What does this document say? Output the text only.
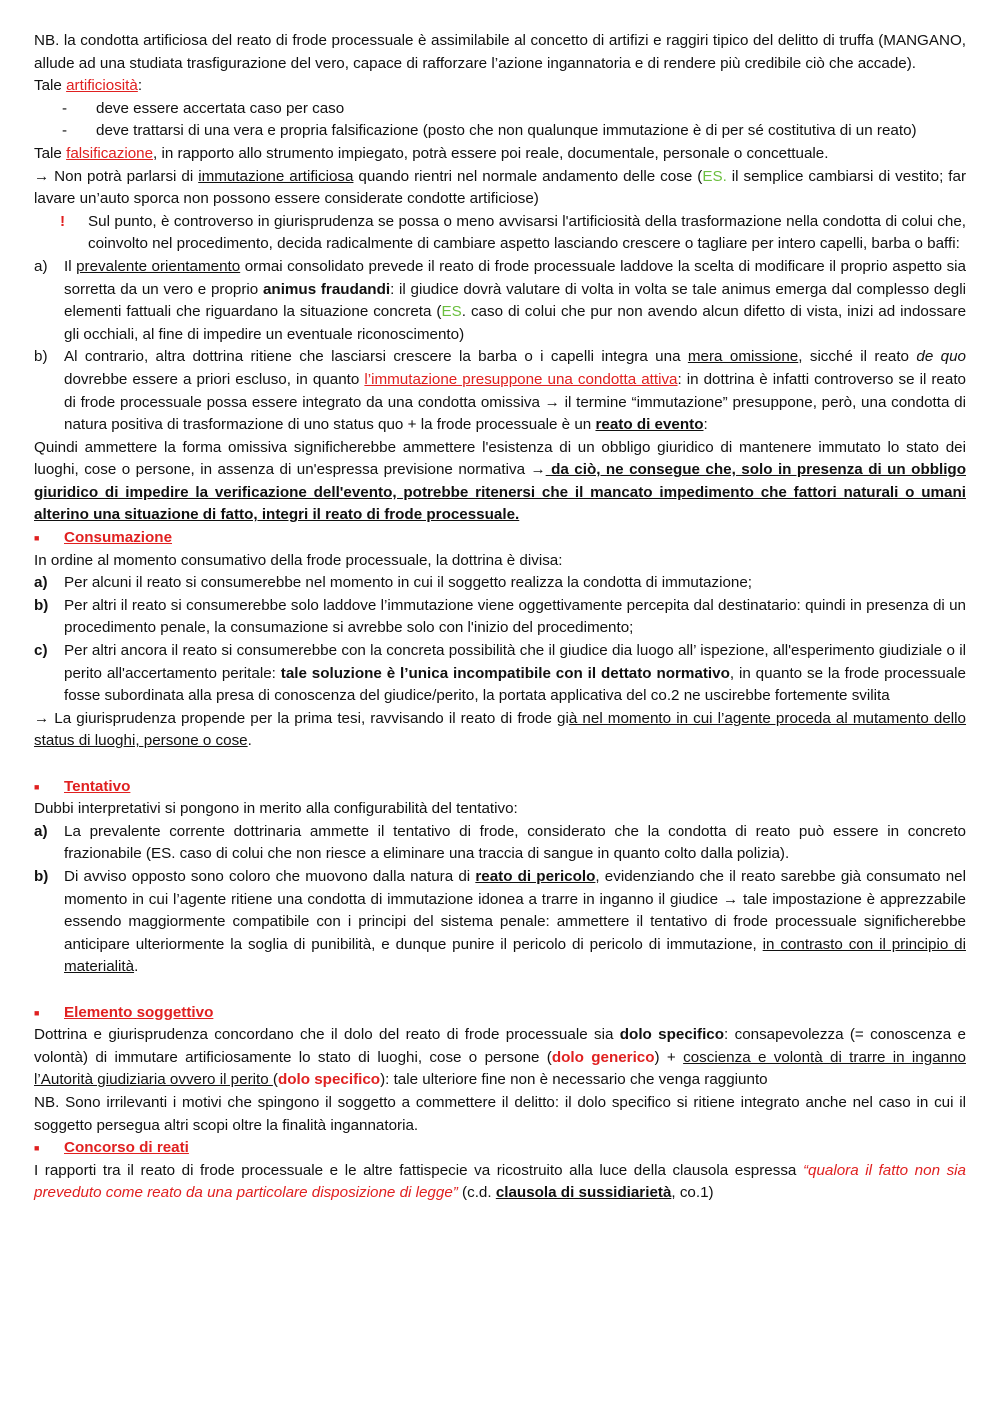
NB. la condotta artificiosa del reato di frode processuale è assimilabile al concetto di artifizi e raggiri tipico del delitto di truffa (MANGANO, allude ad una studiata trasfigurazione del vero, capace di rafforzare l’azione ingannatoria e di rendere più credibile ciò che accade).

Tale artificiosità:

-	deve essere accertata caso per caso
-	deve trattarsi di una vera e propria falsificazione (posto che non qualunque immutazione è di per sé costitutiva di un reato)

Tale falsificazione, in rapporto allo strumento impiegato, potrà essere poi reale, documentale, personale o concettuale.

→ Non potrà parlarsi di immutazione artificiosa quando rientri nel normale andamento delle cose (ES. il semplice cambiarsi di vestito; far lavare un’auto sporca non possono essere considerate condotte artificiose)

!	Sul punto, è controverso in giurisprudenza se possa o meno avvisarsi l'artificiosità della trasformazione nella condotta di colui che, coinvolto nel procedimento, decida radicalmente di cambiare aspetto lasciando crescere o tagliare per intero capelli, barba o baffi:
a)	Il prevalente orientamento ormai consolidato prevede il reato di frode processuale laddove la scelta di modificare il proprio aspetto sia sorretta da un vero e proprio animus fraudandi: il giudice dovrà valutare di volta in volta se tale animus emerga dal complesso degli elementi fattuali che riguardano la situazione concreta (ES. caso di colui che pur non avendo alcun difetto di vista, inizi ad indossare gli occhiali, al fine di impedire un eventuale riconoscimento)
b)	Al contrario, altra dottrina ritiene che lasciarsi crescere la barba o i capelli integra una mera omissione, sicché il reato de quo dovrebbe essere a priori escluso, in quanto l’immutazione presuppone una condotta attiva: in dottrina è infatti controverso se il reato di frode processuale possa essere integrato da una condotta omissiva → il termine “immutazione” presuppone, però, una condotta di natura positiva di trasformazione di uno status quo + la frode processuale è un reato di evento:

Quindi ammettere la forma omissiva significherebbe ammettere l'esistenza di un obbligo giuridico di mantenere immutato lo stato dei luoghi, cose o persone, in assenza di un'espressa previsione normativa → da ciò, ne consegue che, solo in presenza di un obbligo giuridico di impedire la verificazione dell'evento, potrebbe ritenersi che il mancato impedimento che fattori naturali o umani alterino una situazione di fatto, integri il reato di frode processuale.

■	Consumazione

In ordine al momento consumativo della frode processuale, la dottrina è divisa:

a)	Per alcuni il reato si consumerebbe nel momento in cui il soggetto realizza la condotta di immutazione;
b)	Per altri il reato si consumerebbe solo laddove l’immutazione viene oggettivamente percepita dal destinatario: quindi in presenza di un procedimento penale, la consumazione si avrebbe solo con l'inizio del procedimento;
c)	Per altri ancora il reato si consumerebbe con la concreta possibilità che il giudice dia luogo all’ ispezione, all'esperimento giudiziale o il perito all'accertamento peritale: tale soluzione è l’unica incompatibile con il dettato normativo, in quanto se la frode processuale fosse subordinata alla presa di conoscenza del giudice/perito, la portata applicativa del co.2 ne uscirebbe fortemente svilita

→ La giurisprudenza propende per la prima tesi, ravvisando il reato di frode già nel momento in cui l’agente proceda al mutamento dello status di luoghi, persone o cose.

■	Tentativo

Dubbi interpretativi si pongono in merito alla configurabilità del tentativo:

a)	La prevalente corrente dottrinaria ammette il tentativo di frode, considerato che la condotta di reato può essere in concreto frazionabile (ES. caso di colui che non riesce a eliminare una traccia di sangue in quanto colto dalla polizia).
b)	Di avviso opposto sono coloro che muovono dalla natura di reato di pericolo, evidenziando che il reato sarebbe già consumato nel momento in cui l’agente ritiene una condotta di immutazione idonea a trarre in inganno il giudice → tale impostazione è apprezzabile essendo maggiormente compatibile con i principi del sistema penale: ammettere il tentativo di frode processuale significherebbe anticipare ulteriormente la soglia di punibilità, e dunque punire il pericolo di pericolo di immutazione, in contrasto con il principio di materialità.
■	Elemento soggettivo

Dottrina e giurisprudenza concordano che il dolo del reato di frode processuale sia dolo specifico: consapevolezza (= conoscenza e volontà) di immutare artificiosamente lo stato di luoghi, cose o persone (dolo generico) + coscienza e volontà di trarre in inganno l’Autorità giudiziaria ovvero il perito (dolo specifico): tale ulteriore fine non è necessario che venga raggiunto

NB. Sono irrilevanti i motivi che spingono il soggetto a commettere il delitto: il dolo specifico si ritiene integrato anche nel caso in cui il soggetto persegua altri scopi oltre la finalità ingannatoria.

■	Concorso di reati

I rapporti tra il reato di frode processuale e le altre fattispecie va ricostruito alla luce della clausola espressa “qualora il fatto non sia preveduto come reato da una particolare disposizione di legge” (c.d. clausola di sussidiarietà, co.1)
